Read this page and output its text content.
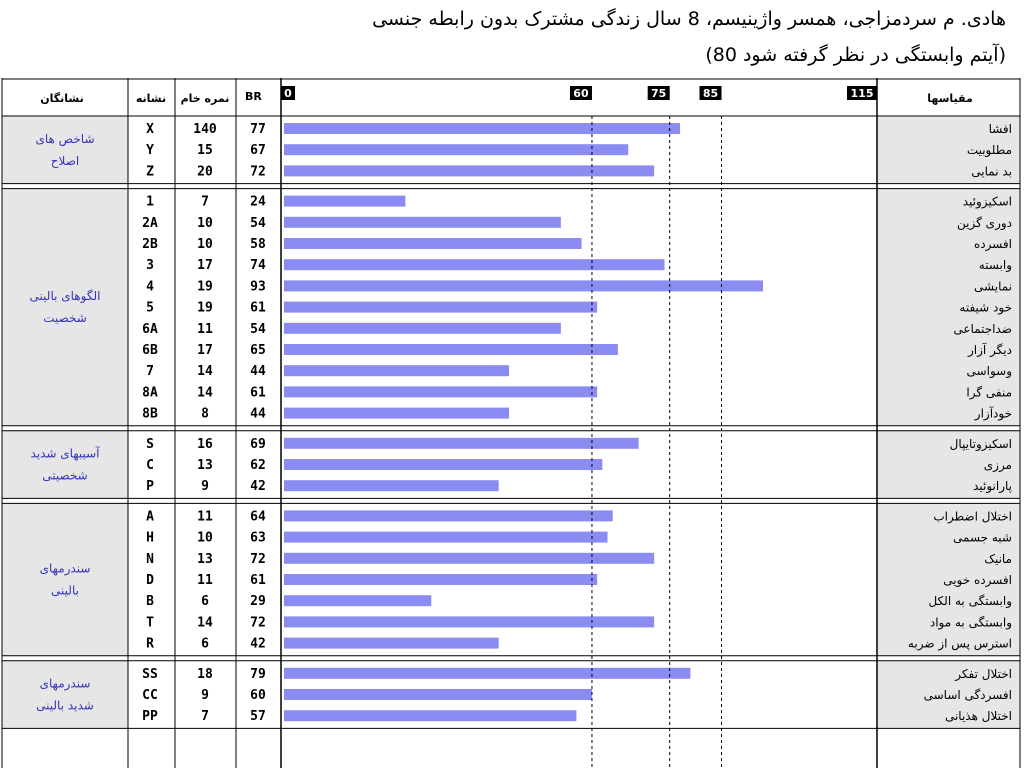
هادی. م سردمزاجی، همسر واژینیسم، 8 سال زندگی مشترک بدون رابطه جنسی
(آیتم وابستگی در نظر گرفته شود 80)
نشانگان	نشانه نمره خام BR	مقیاسها
0	60	75	85	115
شاخص های
اصلاح
X	140	77	افشا
Y	15	67	مطلوبیت
Z	20	72	بد نمایی
الگوهای بالینی
شخصیت
1	7	24	اسکیزوئید
2A	10	54	دوری گزین
2B	10	58	افسرده
3	17	74	وابسته
4	19	93	نمایشی
5	19	61	خود شیفته
6A	11	54	ضداجتماعی
6B	17	65	دیگر آزار
7	14	44	وسواسی
8A	14	61	منفی گرا
8B	8	44	خودآزار
آسیبهای شدید
شخصیتی
S	16	69	اسکیزوتایپال
C	13	62	مرزی
P	9	42	پارانوئید
سندرمهای
بالینی
A	11	64	اختلال اضطراب
H	10	63	شبه جسمی
N	13	72	مانیک
D	11	61	افسرده خویی
B	6	29	وابستگی به الکل
T	14	72	وابستگی به مواد
R	6	42	استرس پس از ضربه
سندرمهای
شدید بالینی
SS	18	79	اختلال تفکر
CC	9	60	افسردگی اساسی
PP	7	57	اختلال هذیانی
